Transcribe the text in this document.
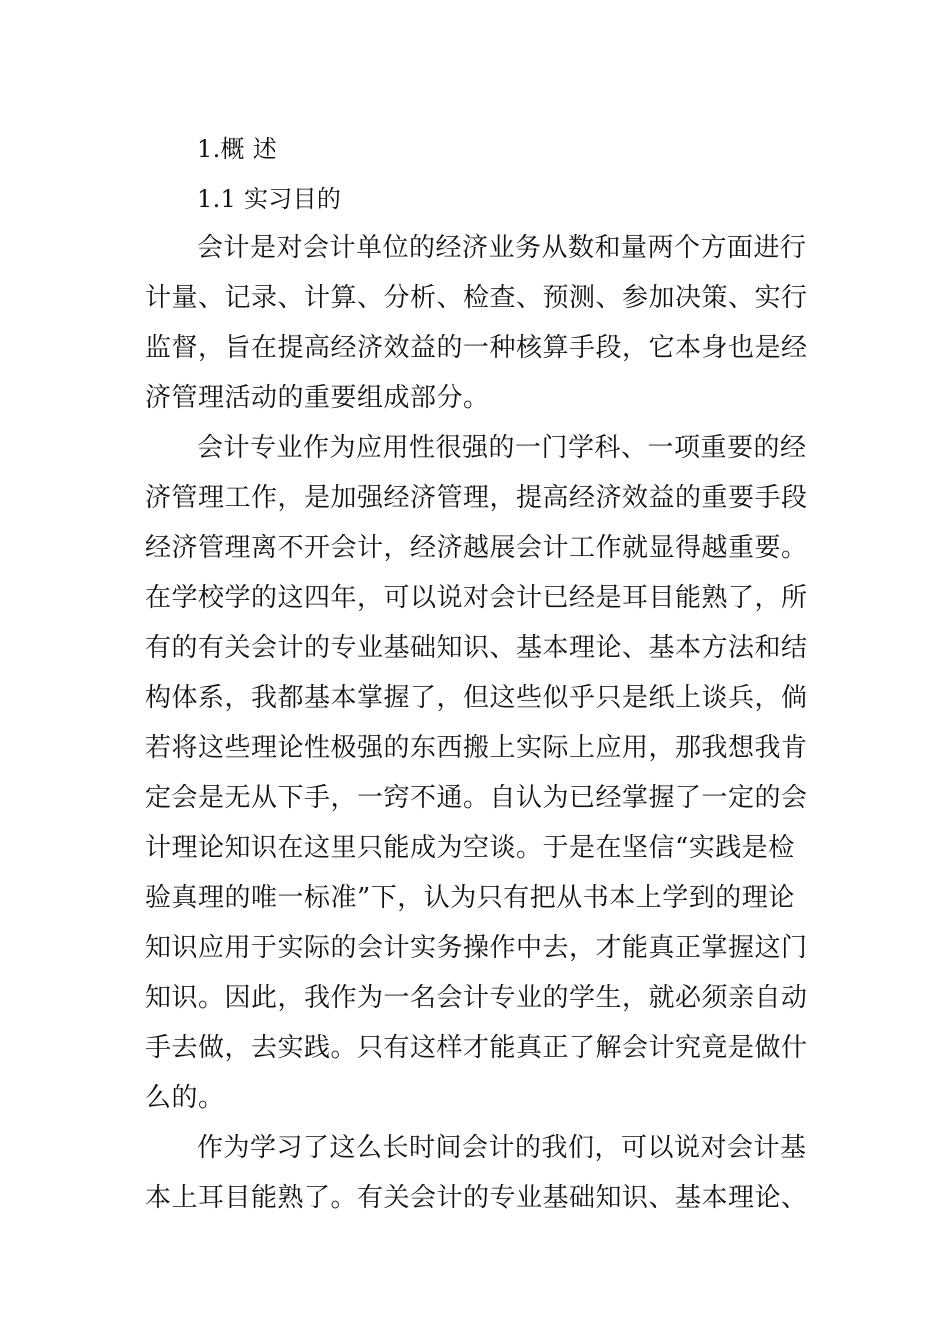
1.概 述
1.1 实习目的
会计是对会计单位的经济业务从数和量两个方面进行
计量、记录、计算、分析、检查、预测、参加决策、实行
监督，旨在提高经济效益的一种核算手段，它本身也是经
济管理活动的重要组成部分。
会计专业作为应用性很强的一门学科、一项重要的经
济管理工作，是加强经济管理，提高经济效益的重要手段
经济管理离不开会计，经济越展会计工作就显得越重要。
在学校学的这四年，可以说对会计已经是耳目能熟了，所
有的有关会计的专业基础知识、基本理论、基本方法和结
构体系，我都基本掌握了，但这些似乎只是纸上谈兵，倘
若将这些理论性极强的东西搬上实际上应用，那我想我肯
定会是无从下手，一窍不通。自认为已经掌握了一定的会
计理论知识在这里只能成为空谈。于是在坚信“实践是检
验真理的唯一标准”下，认为只有把从书本上学到的理论
知识应用于实际的会计实务操作中去，才能真正掌握这门
知识。因此，我作为一名会计专业的学生，就必须亲自动
手去做，去实践。只有这样才能真正了解会计究竟是做什
么的。
作为学习了这么长时间会计的我们，可以说对会计基
本上耳目能熟了。有关会计的专业基础知识、基本理论、
